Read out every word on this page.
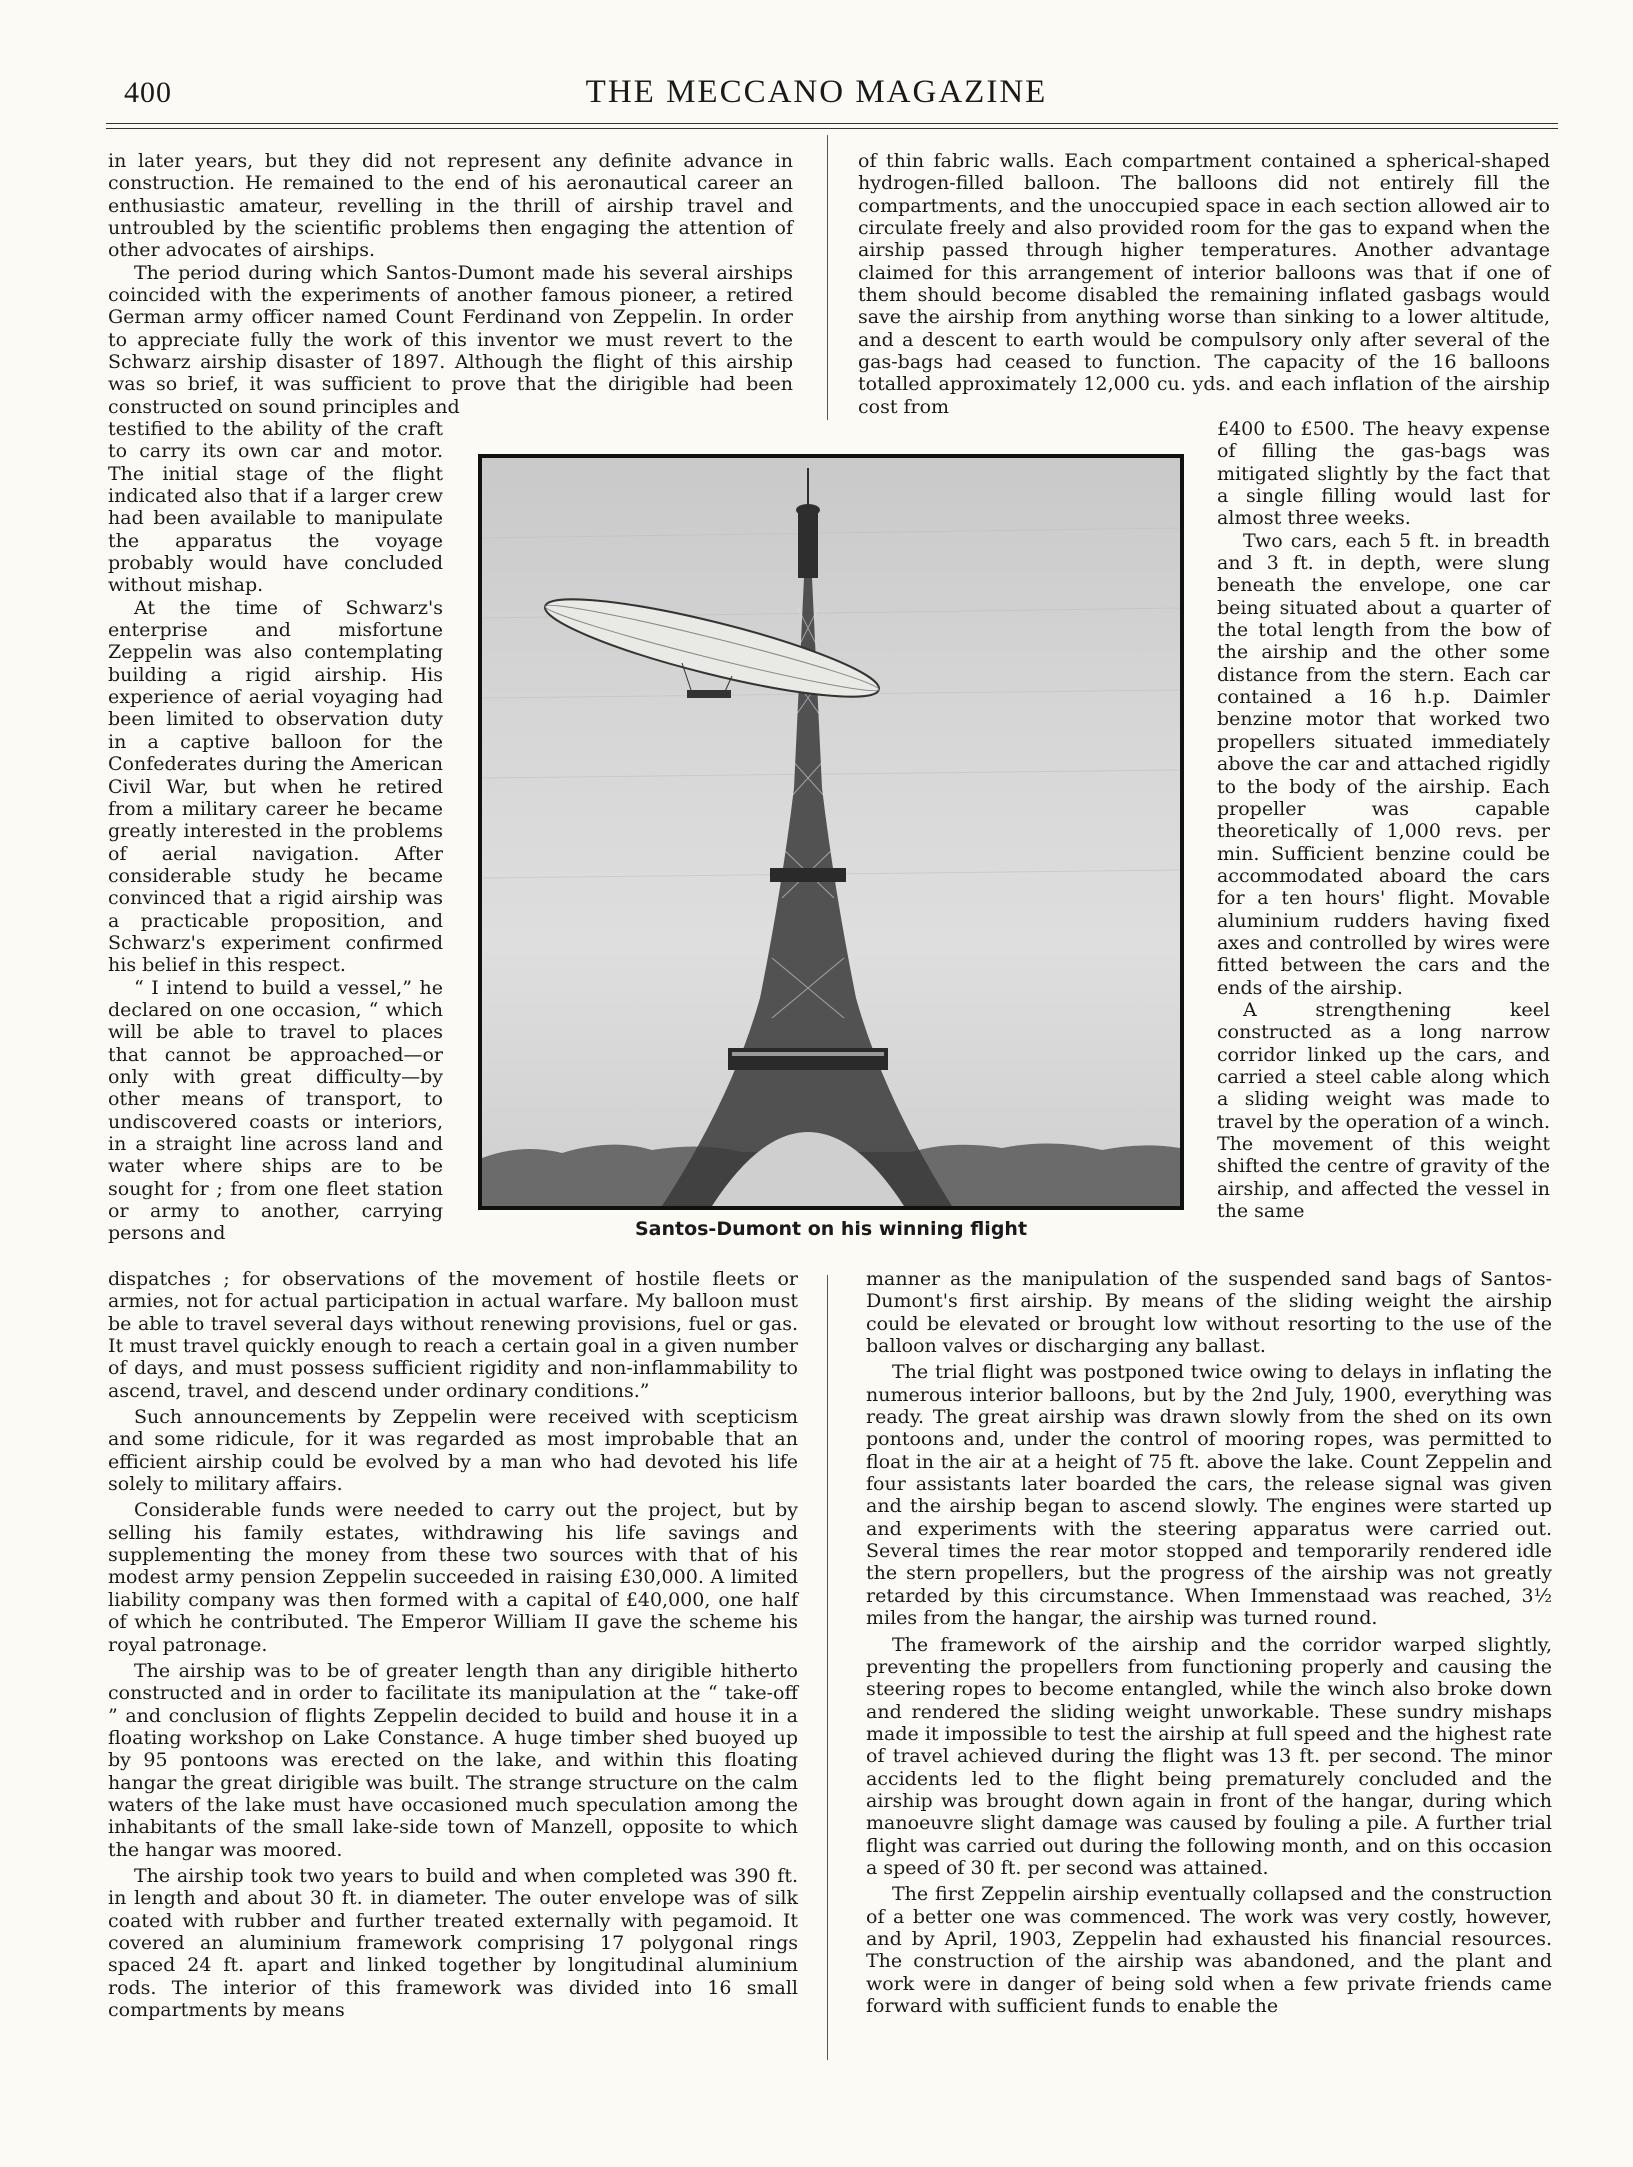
400	THE MECCANO MAGAZINE

in later years, but they did not represent any definite advance in construction. He remained to the end of his aeronautical career an enthusiastic amateur, revelling in the thrill of airship travel and untroubled by the scientific problems then engaging the attention of other advocates of airships.

The period during which Santos-Dumont made his several airships coincided with the experiments of another famous pioneer, a retired German army officer named Count Ferdinand von Zeppelin. In order to appreciate fully the work of this inventor we must revert to the Schwarz airship disaster of 1897. Although the flight of this airship was so brief, it was sufficient to prove that the dirigible had been constructed on sound principles and

testified to the ability of the craft to carry its own car and motor. The initial stage of the flight indicated also that if a larger crew had been available to manipulate the apparatus the voyage probably would have concluded without mishap.

At the time of Schwarz's enterprise and misfortune Zeppelin was also contemplating building a rigid airship. His experience of aerial voyaging had been limited to observation duty in a captive balloon for the Confederates during the American Civil War, but when he retired from a military career he became greatly interested in the problems of aerial navigation. After considerable study he became convinced that a rigid airship was a practicable proposition, and Schwarz's experiment confirmed his belief in this respect.

“ I intend to build a vessel,” he declared on one occasion, “ which will be able to travel to places that cannot be approached—or only with great difficulty—by other means of transport, to undiscovered coasts or interiors, in a straight line across land and water where ships are to be sought for ; from one fleet station or army to another, carrying persons and

dispatches ; for observations of the movement of hostile fleets or armies, not for actual participation in actual warfare. My balloon must be able to travel several days without renewing provisions, fuel or gas. It must travel quickly enough to reach a certain goal in a given number of days, and must possess sufficient rigidity and non-inflammability to ascend, travel, and descend under ordinary conditions.”

Such announcements by Zeppelin were received with scepticism and some ridicule, for it was regarded as most improbable that an efficient airship could be evolved by a man who had devoted his life solely to military affairs.

Considerable funds were needed to carry out the project, but by selling his family estates, withdrawing his life savings and supplementing the money from these two sources with that of his modest army pension Zeppelin succeeded in raising £30,000. A limited liability company was then formed with a capital of £40,000, one half of which he contributed. The Emperor William II gave the scheme his royal patronage.

The airship was to be of greater length than any dirigible hitherto constructed and in order to facilitate its manipulation at the “ take-off ” and conclusion of flights Zeppelin decided to build and house it in a floating workshop on Lake Constance. A huge timber shed buoyed up by 95 pontoons was erected on the lake, and within this floating hangar the great dirigible was built. The strange structure on the calm waters of the lake must have occasioned much speculation among the inhabitants of the small lake-side town of Manzell, opposite to which the hangar was moored.

The airship took two years to build and when completed was 390 ft. in length and about 30 ft. in diameter. The outer envelope was of silk coated with rubber and further treated externally with pegamoid. It covered an aluminium framework comprising 17 polygonal rings spaced 24 ft. apart and linked together by longitudinal aluminium rods. The interior of this framework was divided into 16 small compartments by means

of thin fabric walls. Each compartment contained a spherical-shaped hydrogen-filled balloon. The balloons did not entirely fill the compartments, and the unoccupied space in each section allowed air to circulate freely and also provided room for the gas to expand when the airship passed through higher temperatures. Another advantage claimed for this arrangement of interior balloons was that if one of them should become disabled the remaining inflated gasbags would save the airship from anything worse than sinking to a lower altitude, and a descent to earth would be compulsory only after several of the gas-bags had ceased to function. The capacity of the 16 balloons totalled approximately 12,000 cu. yds. and each inflation of the airship cost from

£400 to £500. The heavy expense of filling the gas-bags was mitigated slightly by the fact that a single filling would last for almost three weeks.

Two cars, each 5 ft. in breadth and 3 ft. in depth, were slung beneath the envelope, one car being situated about a quarter of the total length from the bow of the airship and the other some distance from the stern. Each car contained a 16 h.p. Daimler benzine motor that worked two propellers situated immediately above the car and attached rigidly to the body of the airship. Each propeller was capable theoretically of 1,000 revs. per min. Sufficient benzine could be accommodated aboard the cars for a ten hours' flight. Movable aluminium rudders having fixed axes and controlled by wires were fitted between the cars and the ends of the airship.

A strengthening keel constructed as a long narrow corridor linked up the cars, and carried a steel cable along which a sliding weight was made to travel by the operation of a winch. The movement of this weight shifted the centre of gravity of the airship, and affected the vessel in the same

manner as the manipulation of the suspended sand bags of Santos-Dumont's first airship. By means of the sliding weight the airship could be elevated or brought low without resorting to the use of the balloon valves or discharging any ballast.

The trial flight was postponed twice owing to delays in inflating the numerous interior balloons, but by the 2nd July, 1900, everything was ready. The great airship was drawn slowly from the shed on its own pontoons and, under the control of mooring ropes, was permitted to float in the air at a height of 75 ft. above the lake. Count Zeppelin and four assistants later boarded the cars, the release signal was given and the airship began to ascend slowly. The engines were started up and experiments with the steering apparatus were carried out. Several times the rear motor stopped and temporarily rendered idle the stern propellers, but the progress of the airship was not greatly retarded by this circumstance. When Immenstaad was reached, 3½ miles from the hangar, the airship was turned round.

The framework of the airship and the corridor warped slightly, preventing the propellers from functioning properly and causing the steering ropes to become entangled, while the winch also broke down and rendered the sliding weight unworkable. These sundry mishaps made it impossible to test the airship at full speed and the highest rate of travel achieved during the flight was 13 ft. per second. The minor accidents led to the flight being prematurely concluded and the airship was brought down again in front of the hangar, during which manoeuvre slight damage was caused by fouling a pile. A further trial flight was carried out during the following month, and on this occasion a speed of 30 ft. per second was attained.

The first Zeppelin airship eventually collapsed and the construction of a better one was commenced. The work was very costly, however, and by April, 1903, Zeppelin had exhausted his financial resources. The construction of the airship was abandoned, and the plant and work were in danger of being sold when a few private friends came forward with sufficient funds to enable the

Santos-Dumont on his winning flight
